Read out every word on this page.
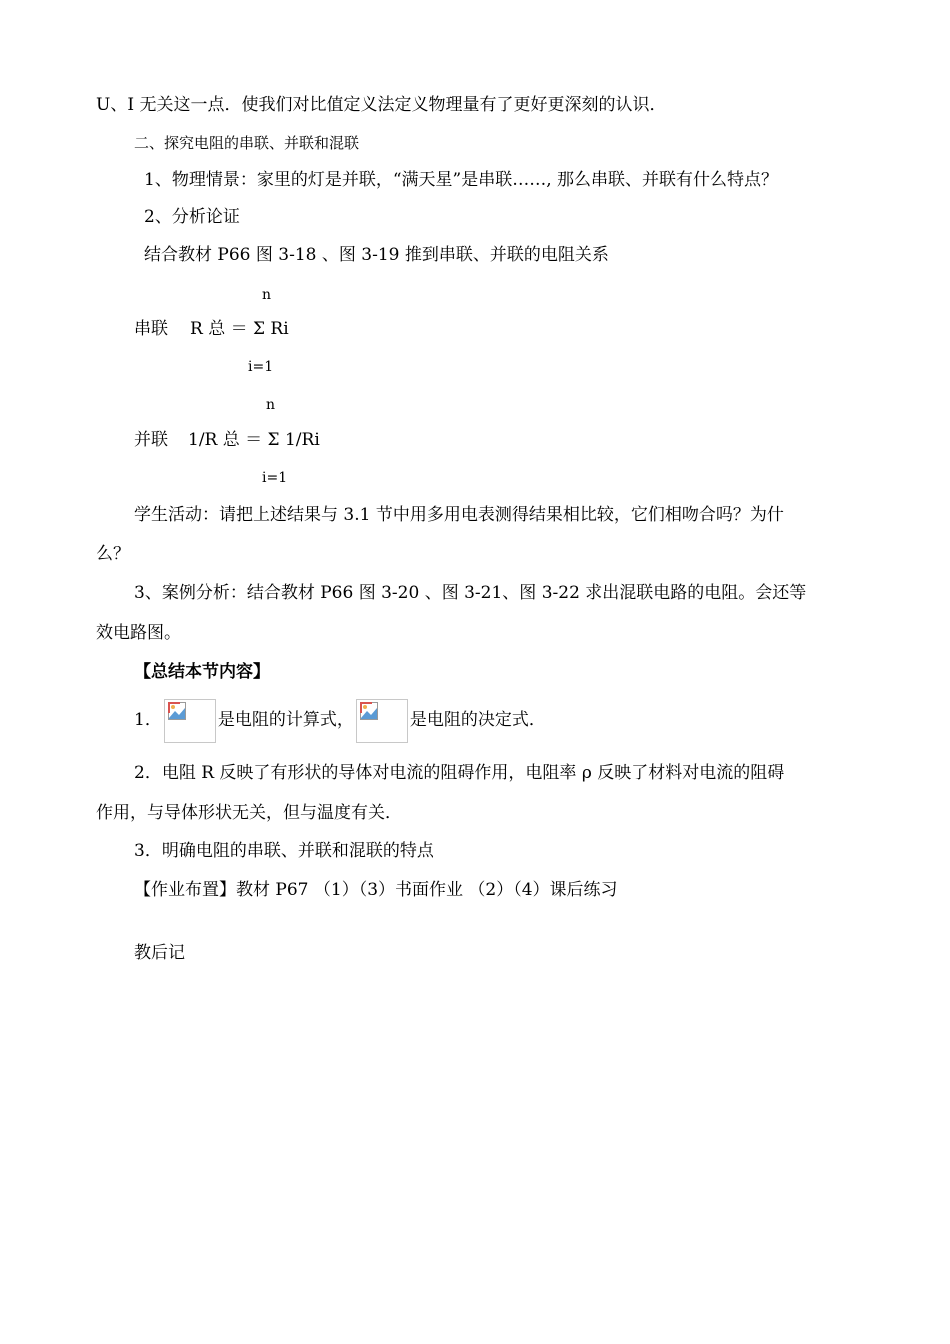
U、I 无关这一点．使我们对比值定义法定义物理量有了更好更深刻的认识．
二、探究电阻的串联、并联和混联
1、物理情景：家里的灯是并联，“满天星”是串联……, 那么串联、并联有什么特点？
2、分析论证
结合教材 P66 图 3-18 、图 3-19 推到串联、并联的电阻关系
n
串联 R 总 ＝ Σ Ri
i=1
n
并联 1/R 总 ＝ Σ 1/Ri
i=1
学生活动：请把上述结果与 3.1 节中用多用电表测得结果相比较，它们相吻合吗？为什
么？
3、案例分析：结合教材 P66 图 3-20 、图 3-21、图 3-22 求出混联电路的电阻。会还等
效电路图。
【总结本节内容】
1．	是电阻的计算式，	是电阻的决定式．
2．电阻 R 反映了有形状的导体对电流的阻碍作用，电阻率 ρ 反映了材料对电流的阻碍
作用，与导体形状无关，但与温度有关．
3．明确电阻的串联、并联和混联的特点
【作业布置】教材 P67 （1）（3）书面作业 （2）（4）课后练习
教后记
